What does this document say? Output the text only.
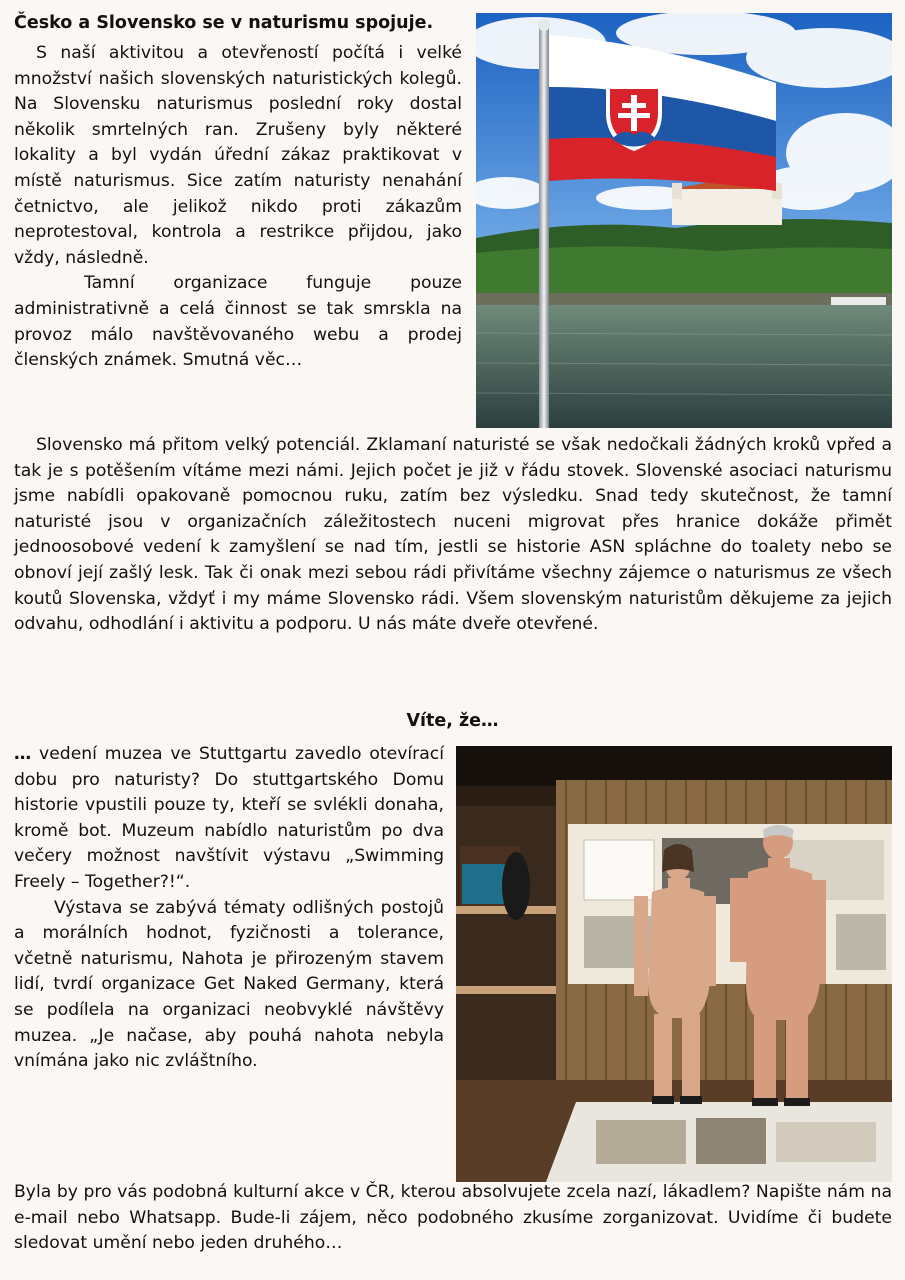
Česko a Slovensko se v naturismu spojuje.

S naší aktivitou a otevřeností počítá i velké množství našich slovenských naturistických kolegů. Na Slovensku naturismus poslední roky dostal několik smrtelných ran. Zrušeny byly některé lokality a byl vydán úřední zákaz praktikovat v místě naturismus. Sice zatím naturisty nenahání četnictvo, ale jelikož nikdo proti zákazům neprotestoval, kontrola a restrikce přijdou, jako vždy, následně.

Tamní organizace funguje pouze administrativně a celá činnost se tak smrskla na provoz málo navštěvovaného webu a prodej členských známek. Smutná věc…

Slovensko má přitom velký potenciál. Zklamaní naturisté se však nedočkali žádných kroků vpřed a tak je s potěšením vítáme mezi námi. Jejich počet je již v řádu stovek. Slovenské asociaci naturismu jsme nabídli opakovaně pomocnou ruku, zatím bez výsledku. Snad tedy skutečnost, že tamní naturisté jsou v organizačních záležitostech nuceni migrovat přes hranice dokáže přimět jednoosobové vedení k zamyšlení se nad tím, jestli se historie ASN spláchne do toalety nebo se obnoví její zašlý lesk. Tak či onak mezi sebou rádi přivítáme všechny zájemce o naturismus ze všech koutů Slovenska, vždyť i my máme Slovensko rádi. Všem slovenským naturistům děkujeme za jejich odvahu, odhodlání i aktivitu a podporu. U nás máte dveře otevřené.

Víte, že…

… vedení muzea ve Stuttgartu zavedlo otevírací dobu pro naturisty? Do stuttgartského Domu historie vpustili pouze ty, kteří se svlékli donaha, kromě bot. Muzeum nabídlo naturistům po dva večery možnost navštívit výstavu „Swimming Freely – Together?!“.

Výstava se zabývá tématy odlišných postojů a morálních hodnot, fyzičnosti a tolerance, včetně naturismu, Nahota je přirozeným stavem lidí, tvrdí organizace Get Naked Germany, která se podílela na organizaci neobvyklé návštěvy muzea. „Je načase, aby pouhá nahota nebyla vnímána jako nic zvláštního.

Byla by pro vás podobná kulturní akce v ČR, kterou absolvujete zcela nazí, lákadlem? Napište nám na e-mail nebo Whatsapp. Bude-li zájem, něco podobného zkusíme zorganizovat. Uvidíme či budete sledovat umění nebo jeden druhého…
